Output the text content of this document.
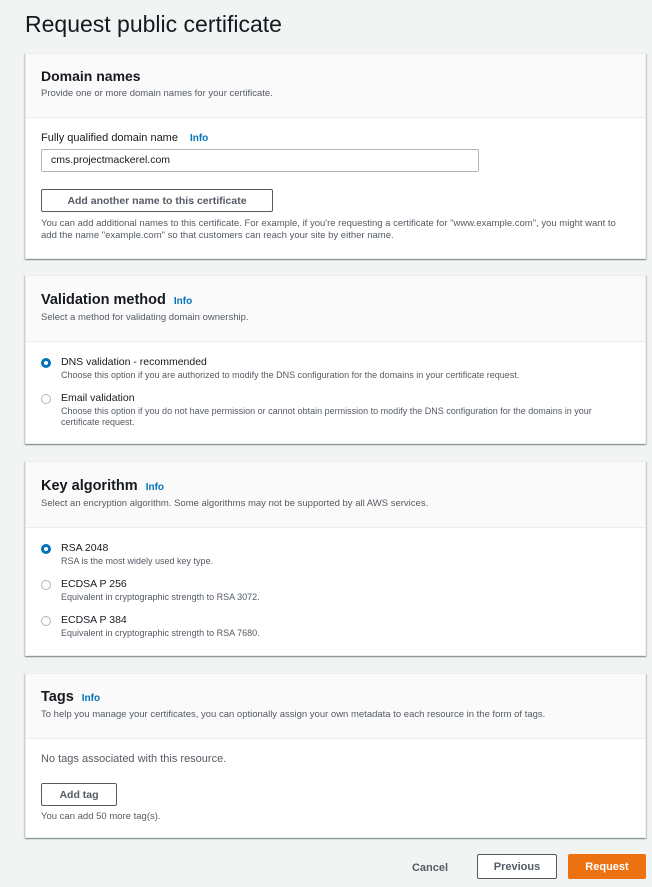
Request public certificate
Domain names
Provide one or more domain names for your certificate.
Fully qualified domain name Info
cms.projectmackerel.com
Add another name to this certificate
You can add additional names to this certificate. For example, if you're requesting a certificate for "www.example.com", you might want to add the name "example.com" so that customers can reach your site by either name.
Validation method Info
Select a method for validating domain ownership.
DNS validation - recommended
Choose this option if you are authorized to modify the DNS configuration for the domains in your certificate request.
Email validation
Choose this option if you do not have permission or cannot obtain permission to modify the DNS configuration for the domains in your certificate request.
Key algorithm Info
Select an encryption algorithm. Some algorithms may not be supported by all AWS services.
RSA 2048
RSA is the most widely used key type.
ECDSA P 256
Equivalent in cryptographic strength to RSA 3072.
ECDSA P 384
Equivalent in cryptographic strength to RSA 7680.
Tags Info
To help you manage your certificates, you can optionally assign your own metadata to each resource in the form of tags.
No tags associated with this resource.
Add tag
You can add 50 more tag(s).
Cancel	Previous	Request
